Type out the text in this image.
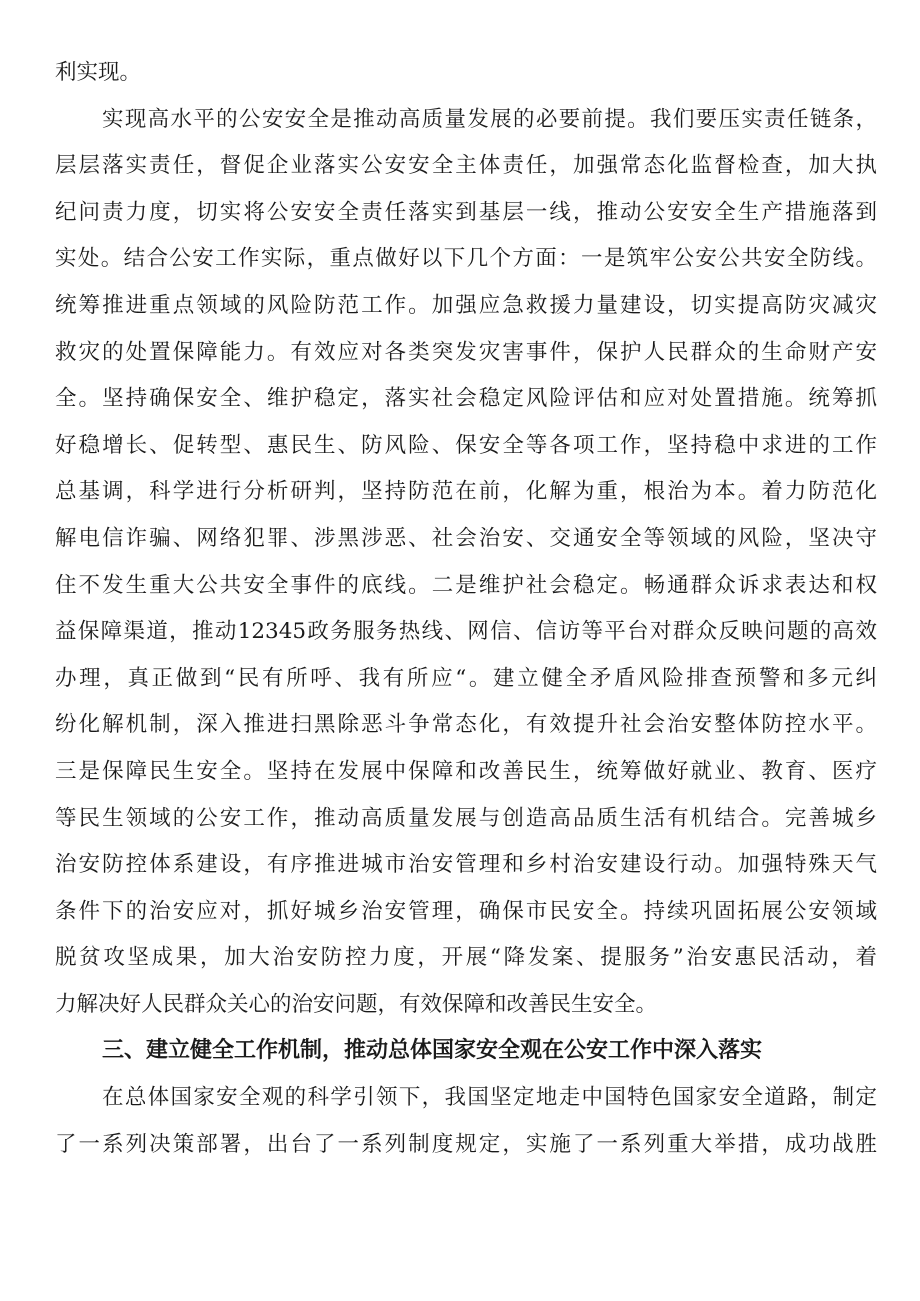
利实现。
实现高水平的公安安全是推动高质量发展的必要前提。我们要压实责任链条，
层层落实责任，督促企业落实公安安全主体责任，加强常态化监督检查，加大执
纪问责力度，切实将公安安全责任落实到基层一线，推动公安安全生产措施落到
实处。结合公安工作实际，重点做好以下几个方面：一是筑牢公安公共安全防线。
统筹推进重点领域的风险防范工作。加强应急救援力量建设，切实提高防灾减灾
救灾的处置保障能力。有效应对各类突发灾害事件，保护人民群众的生命财产安
全。坚持确保安全、维护稳定，落实社会稳定风险评估和应对处置措施。统筹抓
好稳增长、促转型、惠民生、防风险、保安全等各项工作，坚持稳中求进的工作
总基调，科学进行分析研判，坚持防范在前，化解为重，根治为本。着力防范化
解电信诈骗、网络犯罪、涉黑涉恶、社会治安、交通安全等领域的风险，坚决守
住不发生重大公共安全事件的底线。二是维护社会稳定。畅通群众诉求表达和权
益保障渠道，推动12345政务服务热线、网信、信访等平台对群众反映问题的高效
办理，真正做到“民有所呼、我有所应“。建立健全矛盾风险排查预警和多元纠
纷化解机制，深入推进扫黑除恶斗争常态化，有效提升社会治安整体防控水平。
三是保障民生安全。坚持在发展中保障和改善民生，统筹做好就业、教育、医疗
等民生领域的公安工作，推动高质量发展与创造高品质生活有机结合。完善城乡
治安防控体系建设，有序推进城市治安管理和乡村治安建设行动。加强特殊天气
条件下的治安应对，抓好城乡治安管理，确保市民安全。持续巩固拓展公安领域
脱贫攻坚成果，加大治安防控力度，开展“降发案、提服务”治安惠民活动，着
力解决好人民群众关心的治安问题，有效保障和改善民生安全。
三、建立健全工作机制，推动总体国家安全观在公安工作中深入落实
在总体国家安全观的科学引领下，我国坚定地走中国特色国家安全道路，制定
了一系列决策部署，出台了一系列制度规定，实施了一系列重大举措，成功战胜
